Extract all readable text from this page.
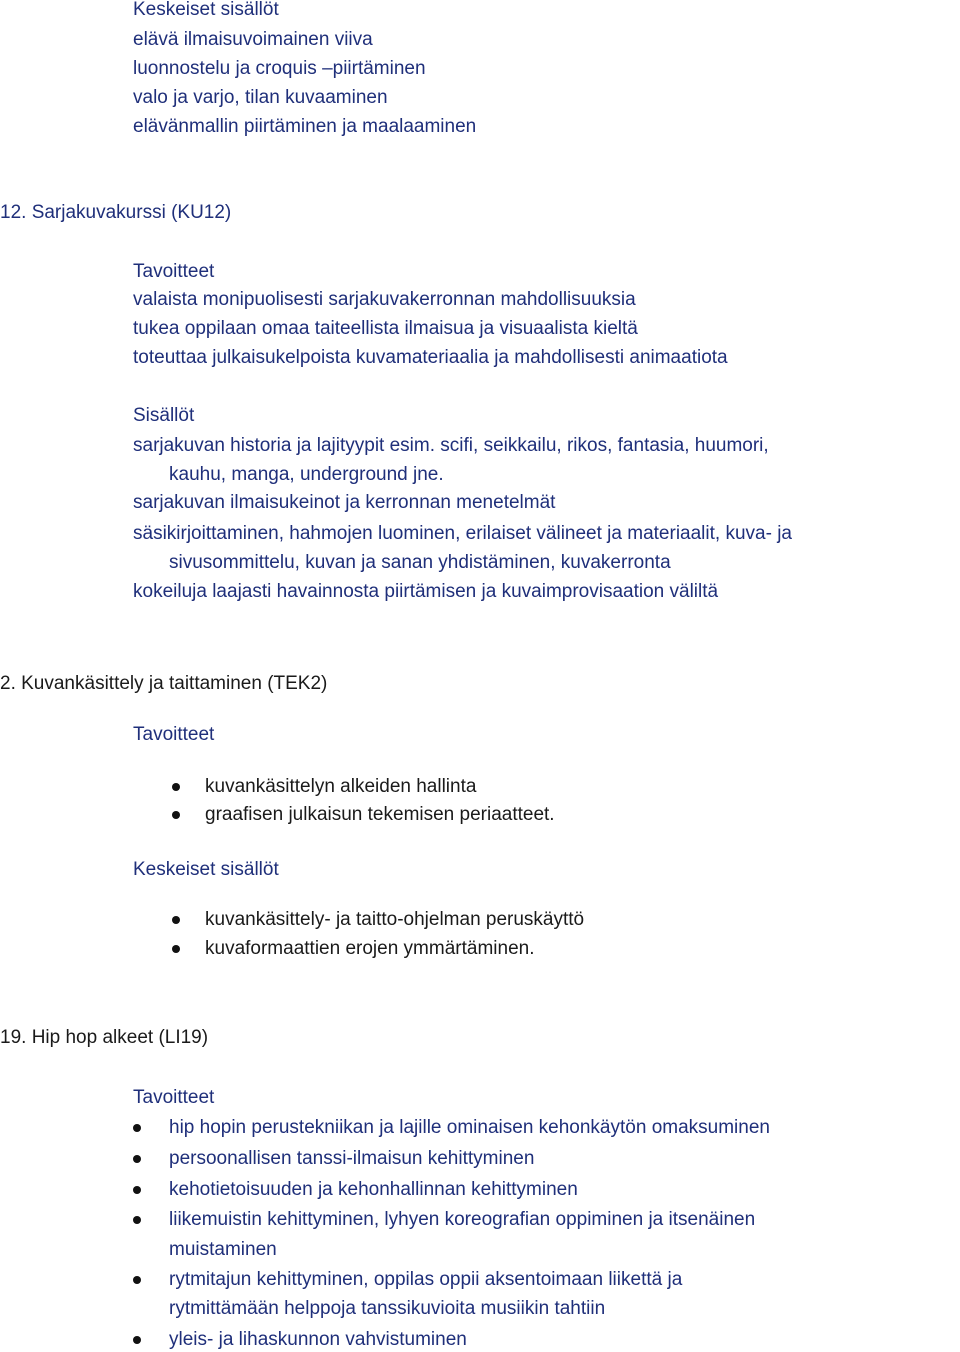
Keskeiset sisällöt
elävä ilmaisuvoimainen viiva
luonnostelu ja croquis –piirtäminen
valo ja varjo, tilan kuvaaminen
elävänmallin piirtäminen ja maalaaminen
12. Sarjakuvakurssi (KU12)
Tavoitteet
valaista monipuolisesti sarjakuvakerronnan mahdollisuuksia
tukea oppilaan omaa taiteellista ilmaisua ja visuaalista kieltä
toteuttaa julkaisukelpoista kuvamateriaalia ja mahdollisesti animaatiota
Sisällöt
sarjakuvan historia ja lajityypit esim. scifi, seikkailu, rikos, fantasia, huumori,
kauhu, manga, underground jne.
sarjakuvan ilmaisukeinot ja kerronnan menetelmät
säsikirjoittaminen, hahmojen luominen, erilaiset välineet ja materiaalit, kuva- ja
sivusommittelu, kuvan ja sanan yhdistäminen, kuvakerronta
kokeiluja laajasti havainnosta piirtämisen ja kuvaimprovisaation väliltä
2. Kuvankäsittely ja taittaminen (TEK2)
Tavoitteet
kuvankäsittelyn alkeiden hallinta
graafisen julkaisun tekemisen periaatteet.
Keskeiset sisällöt
kuvankäsittely- ja taitto-ohjelman peruskäyttö
kuvaformaattien erojen ymmärtäminen.
19. Hip hop alkeet (LI19)
Tavoitteet
hip hopin perustekniikan ja lajille ominaisen kehonkäytön omaksuminen
persoonallisen tanssi-ilmaisun kehittyminen
kehotietoisuuden ja kehonhallinnan kehittyminen
liikemuistin kehittyminen, lyhyen koreografian oppiminen ja itsenäinen
muistaminen
rytmitajun kehittyminen, oppilas oppii aksentoimaan liikettä ja
rytmittämään helppoja tanssikuvioita musiikin tahtiin
yleis- ja lihaskunnon vahvistuminen
